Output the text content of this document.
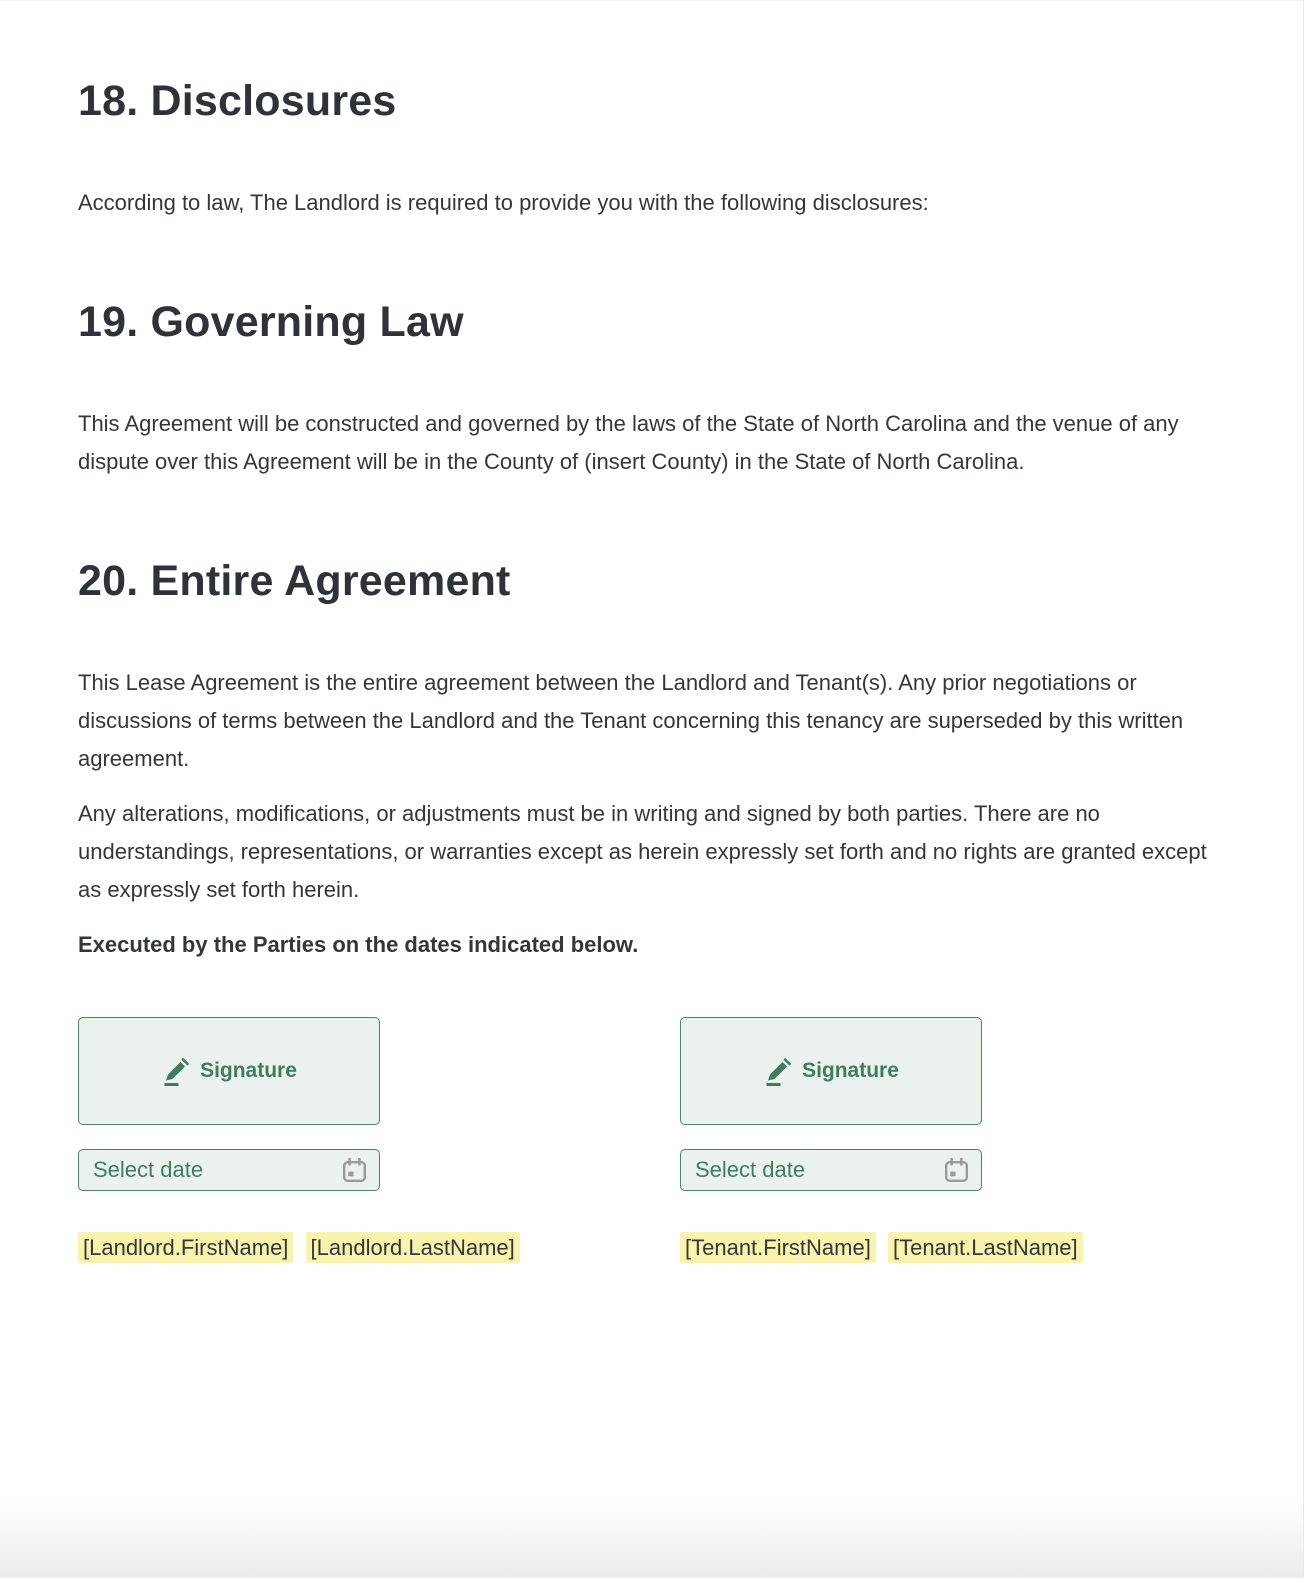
18. Disclosures

According to law, The Landlord is required to provide you with the following disclosures:

19. Governing Law

This Agreement will be constructed and governed by the laws of the State of North Carolina and the venue of any dispute over this Agreement will be in the County of (insert County) in the State of North Carolina.

20. Entire Agreement

This Lease Agreement is the entire agreement between the Landlord and Tenant(s). Any prior negotiations or discussions of terms between the Landlord and the Tenant concerning this tenancy are superseded by this written agreement.

Any alterations, modifications, or adjustments must be in writing and signed by both parties. There are no understandings, representations, or warranties except as herein expressly set forth and no rights are granted except as expressly set forth herein.

Executed by the Parties on the dates indicated below.

Signature
Select date
[Landlord.FirstName] [Landlord.LastName]
Signature
Select date
[Tenant.FirstName] [Tenant.LastName]
